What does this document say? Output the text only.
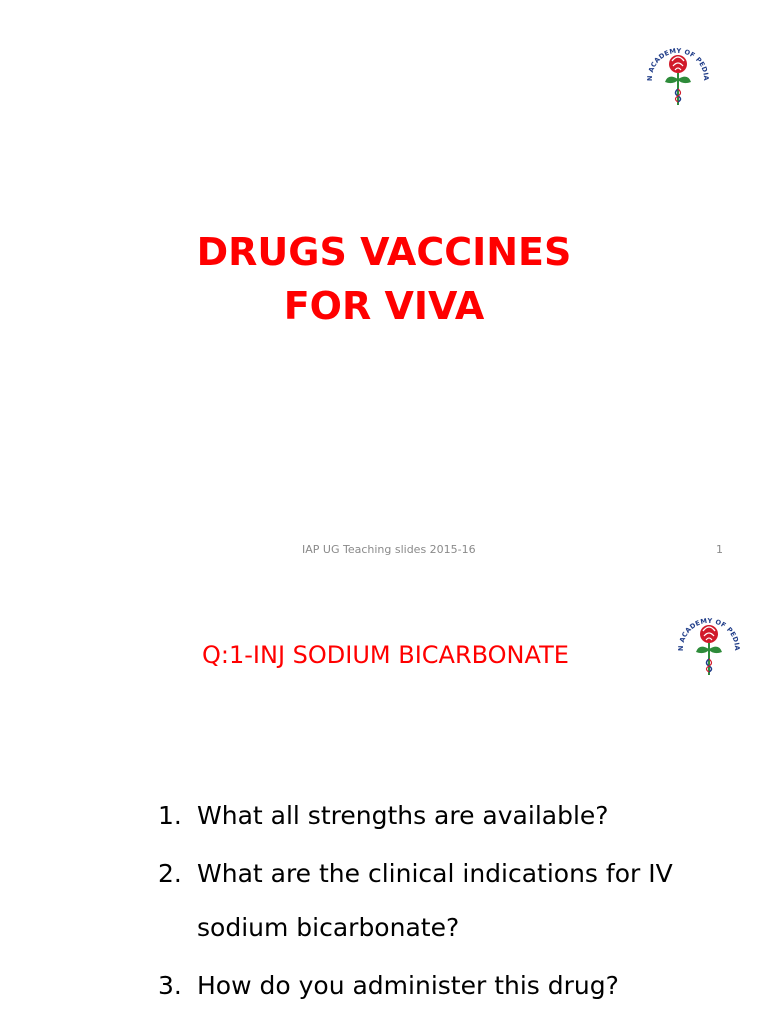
N ACADEMY OF PEDIA
DRUGS VACCINES
FOR VIVA
IAP UG Teaching slides 2015-16	1
N ACADEMY OF PEDIA
Q:1-INJ SODIUM BICARBONATE
1. What all strengths are available?
2. What are the clinical indications for IV sodium bicarbonate?
3. How do you administer this drug?
